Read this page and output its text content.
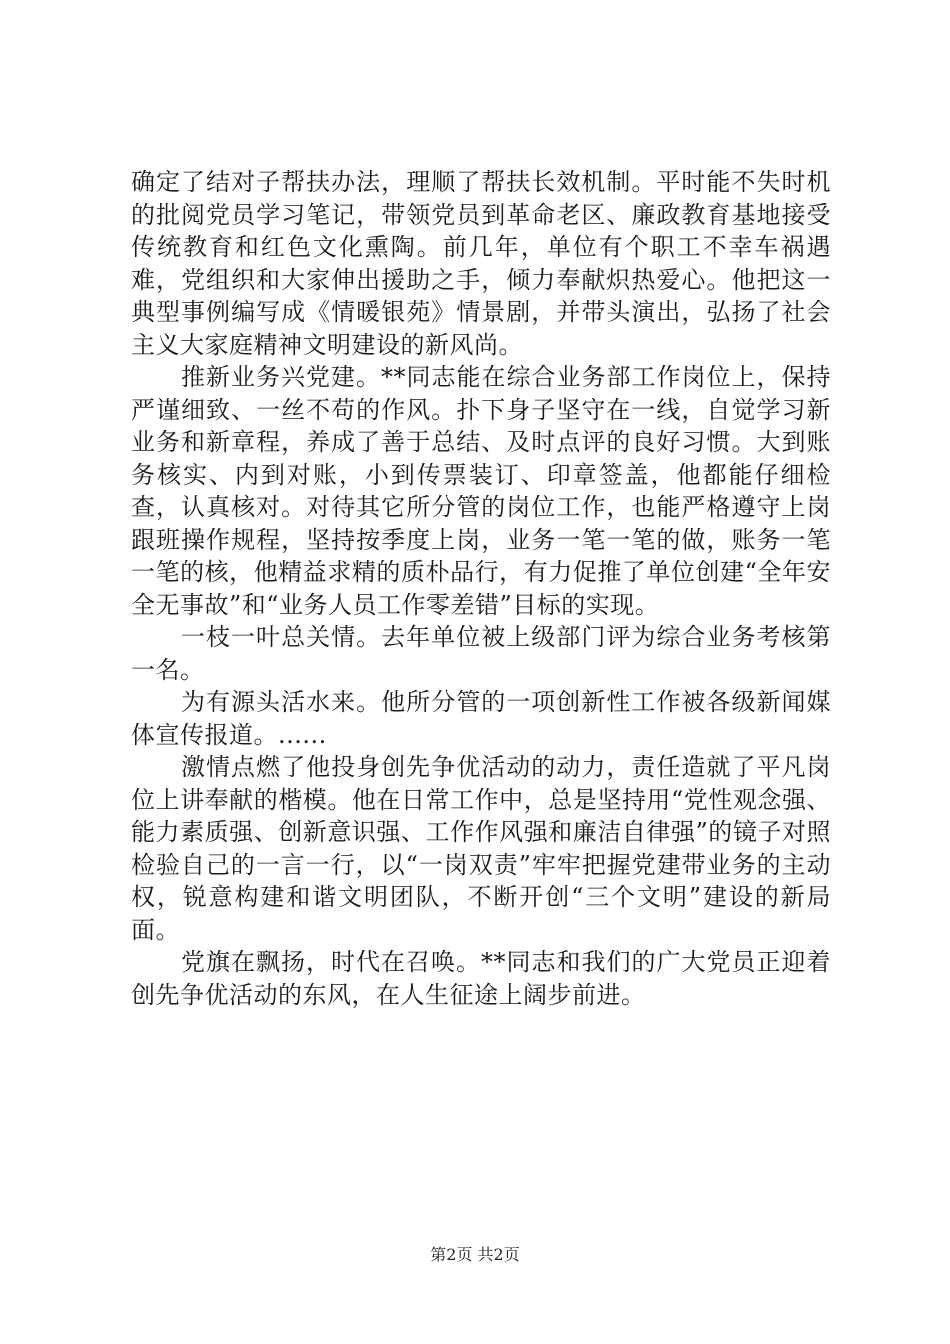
确定了结对子帮扶办法，理顺了帮扶长效机制。平时能不失时机的批阅党员学习笔记，带领党员到革命老区、廉政教育基地接受传统教育和红色文化熏陶。前几年，单位有个职工不幸车祸遇难，党组织和大家伸出援助之手，倾力奉献炽热爱心。他把这一典型事例编写成《情暖银苑》情景剧，并带头演出，弘扬了社会主义大家庭精神文明建设的新风尚。

推新业务兴党建。**同志能在综合业务部工作岗位上，保持严谨细致、一丝不苟的作风。扑下身子坚守在一线，自觉学习新业务和新章程，养成了善于总结、及时点评的良好习惯。大到账务核实、内到对账，小到传票装订、印章签盖，他都能仔细检查，认真核对。对待其它所分管的岗位工作，也能严格遵守上岗跟班操作规程，坚持按季度上岗，业务一笔一笔的做，账务一笔一笔的核，他精益求精的质朴品行，有力促推了单位创建“全年安全无事故”和“业务人员工作零差错”目标的实现。

一枝一叶总关情。去年单位被上级部门评为综合业务考核第一名。

为有源头活水来。他所分管的一项创新性工作被各级新闻媒体宣传报道。......

激情点燃了他投身创先争优活动的动力，责任造就了平凡岗位上讲奉献的楷模。他在日常工作中，总是坚持用“党性观念强、能力素质强、创新意识强、工作作风强和廉洁自律强”的镜子对照检验自己的一言一行，以“一岗双责”牢牢把握党建带业务的主动权，锐意构建和谐文明团队，不断开创“三个文明”建设的新局面。

党旗在飘扬，时代在召唤。**同志和我们的广大党员正迎着创先争优活动的东风，在人生征途上阔步前进。

第2页 共2页
